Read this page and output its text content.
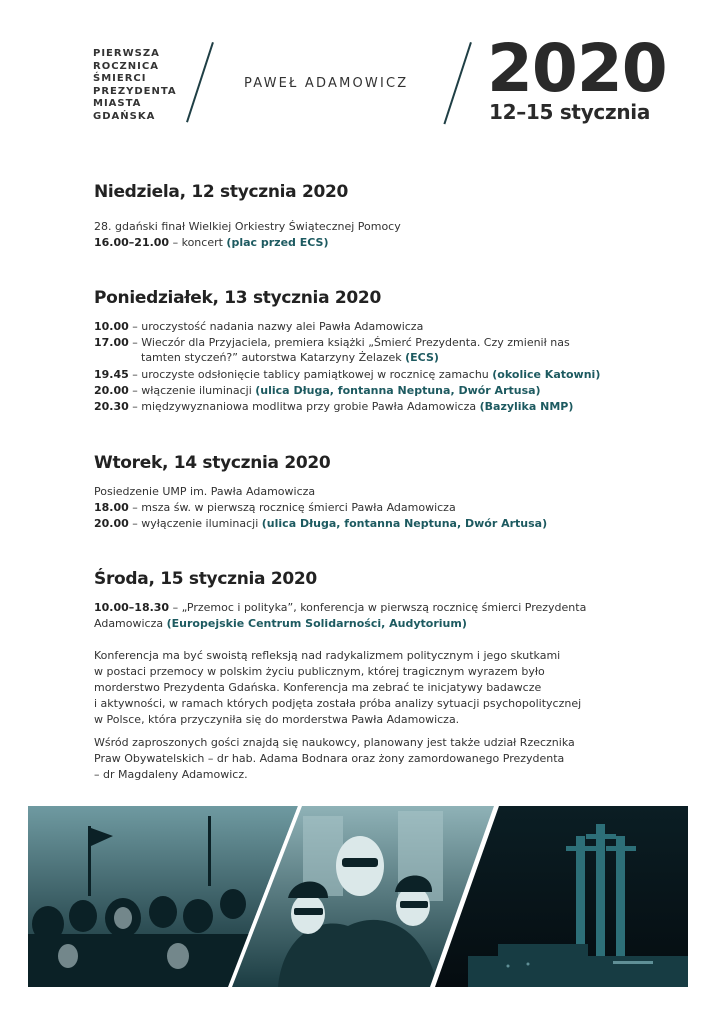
PIERWSZA
ROCZNICA
ŚMIERCI
PREZYDENTA
MIASTA
GDAŃSKA
PAWEŁ ADAMOWICZ 2020
12–15 stycznia
Niedziela, 12 stycznia 2020
28. gdański finał Wielkiej Orkiestry Świątecznej Pomocy
16.00–21.00 – koncert (plac przed ECS)
Poniedziałek, 13 stycznia 2020
10.00 – uroczystość nadania nazwy alei Pawła Adamowicza
17.00 – Wieczór dla Przyjaciela, premiera książki „Śmierć Prezydenta. Czy zmienił nas
tamten styczeń?” autorstwa Katarzyny Żelazek (ECS)
19.45 – uroczyste odsłonięcie tablicy pamiątkowej w rocznicę zamachu (okolice Katowni)
20.00 – włączenie iluminacji (ulica Długa, fontanna Neptuna, Dwór Artusa)
20.30 – międzywyznaniowa modlitwa przy grobie Pawła Adamowicza (Bazylika NMP)
Wtorek, 14 stycznia 2020
Posiedzenie UMP im. Pawła Adamowicza
18.00 – msza św. w pierwszą rocznicę śmierci Pawła Adamowicza
20.00 – wyłączenie iluminacji (ulica Długa, fontanna Neptuna, Dwór Artusa)
Środa, 15 stycznia 2020
10.00–18.30 – „Przemoc i polityka”, konferencja w pierwszą rocznicę śmierci Prezydenta
Adamowicza (Europejskie Centrum Solidarności, Audytorium)
Konferencja ma być swoistą refleksją nad radykalizmem politycznym i jego skutkami
w postaci przemocy w polskim życiu publicznym, której tragicznym wyrazem było
morderstwo Prezydenta Gdańska. Konferencja ma zebrać te inicjatywy badawcze
i aktywności, w ramach których podjęta została próba analizy sytuacji psychopolitycznej
w Polsce, która przyczyniła się do morderstwa Pawła Adamowicza.
Wśród zaproszonych gości znajdą się naukowcy, planowany jest także udział Rzecznika
Praw Obywatelskich – dr hab. Adama Bodnara oraz żony zamordowanego Prezydenta
– dr Magdaleny Adamowicz.
